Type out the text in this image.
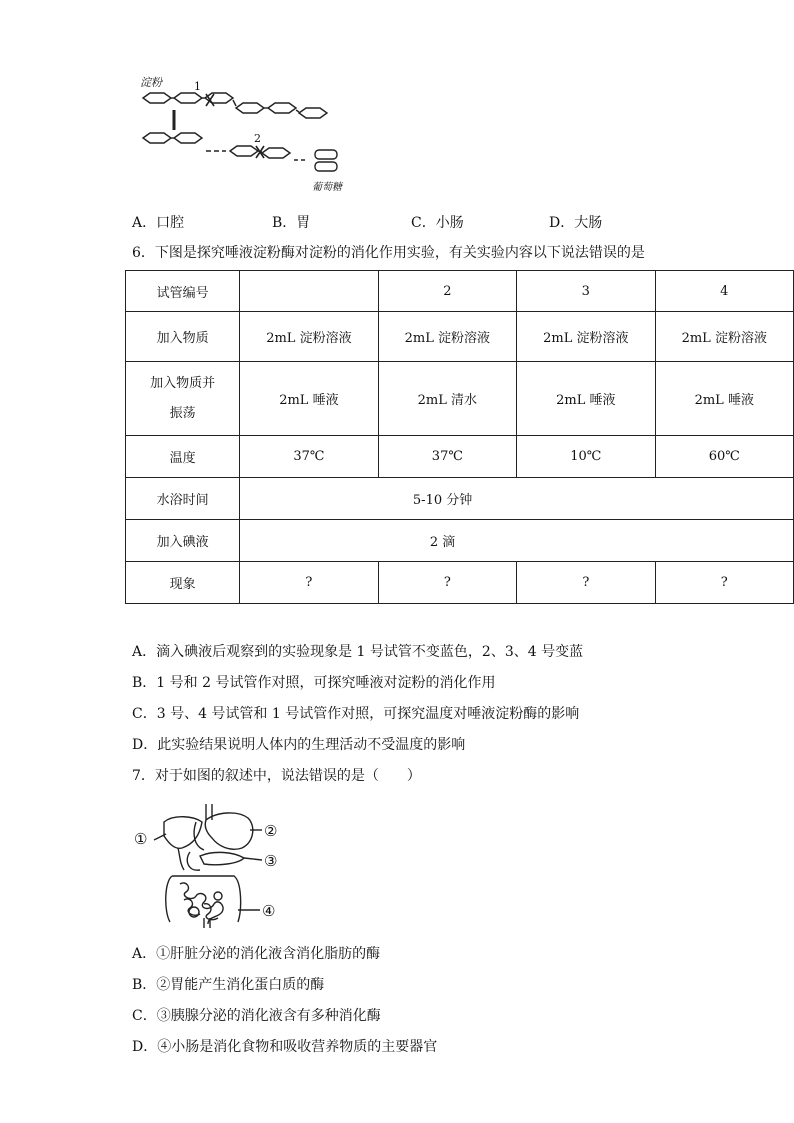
淀粉	1
2
葡萄糖
A．口腔	B．胃	C．小肠	D．大肠
6．下图是探究唾液淀粉酶对淀粉的消化作用实验，有关实验内容以下说法错误的是
试管编号		2	3	4
加入物质	2mL 淀粉溶液	2mL 淀粉溶液	2mL 淀粉溶液	2mL 淀粉溶液

加入物质并
振荡	2mL 唾液	2mL 清水	2mL 唾液	2mL 唾液
温度	37℃	37℃	10℃	60℃
水浴时间	5-10 分钟			
加入碘液	2 滴			
现象	?	?	?	?
A．滴入碘液后观察到的实验现象是 1 号试管不变蓝色，2、3、4 号变蓝
B．1 号和 2 号试管作对照，可探究唾液对淀粉的消化作用
C．3 号、4 号试管和 1 号试管作对照，可探究温度对唾液淀粉酶的影响
D．此实验结果说明人体内的生理活动不受温度的影响
7．对于如图的叙述中，说法错误的是（　　）
①	②
③
④
A．①肝脏分泌的消化液含消化脂肪的酶
B．②胃能产生消化蛋白质的酶
C．③胰腺分泌的消化液含有多种消化酶
D．④小肠是消化食物和吸收营养物质的主要器官
